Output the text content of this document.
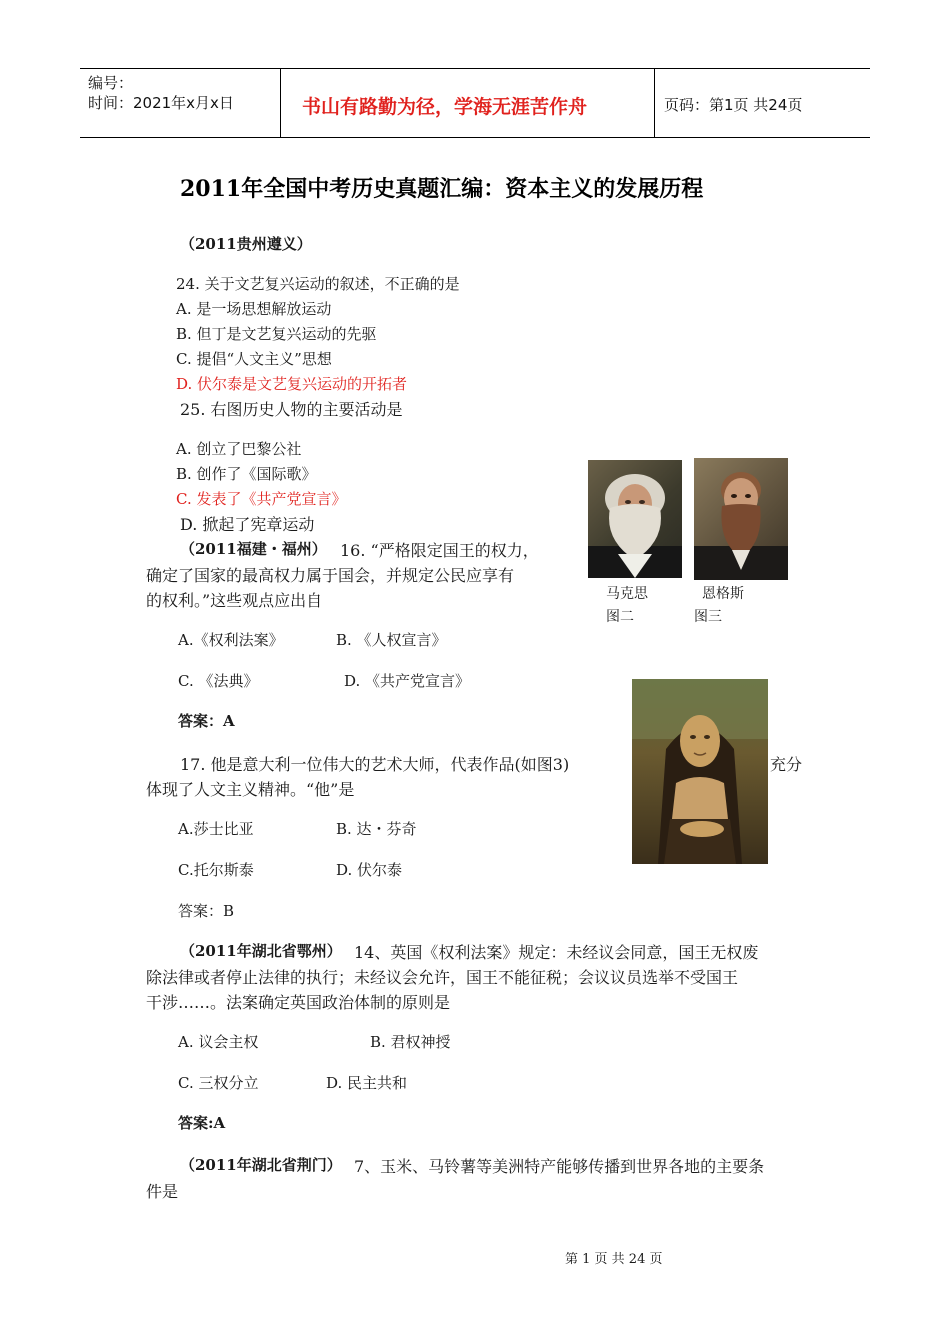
编号：
时间：2021年x月x日	书山有路勤为径，学海无涯苦作舟	页码：第1页 共24页
2011年全国中考历史真题汇编：资本主义的发展历程
（2011贵州遵义）
24. 关于文艺复兴运动的叙述，不正确的是
A. 是一场思想解放运动
B. 但丁是文艺复兴运动的先驱
C. 提倡“人文主义”思想
D. 伏尔泰是文艺复兴运动的开拓者
25. 右图历史人物的主要活动是
A. 创立了巴黎公社
B. 创作了《国际歌》
C. 发表了《共产党宣言》
D. 掀起了宪章运动
马克思
图二
恩格斯
图三
（2011福建・福州） 16. “严格限定国王的权力，
确定了国家的最高权力属于国会，并规定公民应享有
的权利。”这些观点应出自
A.《权利法案》	B. 《人权宣言》
C. 《法典》	D. 《共产党宣言》
答案：A
17. 他是意大利一位伟大的艺术大师，代表作品(如图3)	充分
体现了人文主义精神。“他”是
A.莎士比亚	B. 达・芬奇
C.托尔斯泰	D. 伏尔泰
答案：B
（2011年湖北省鄂州） 14、英国《权利法案》规定：未经议会同意，国王无权废
除法律或者停止法律的执行；未经议会允许，国王不能征税；会议议员选举不受国王
干涉……。法案确定英国政治体制的原则是
A. 议会主权	B. 君权神授
C. 三权分立	D. 民主共和
答案:A
（2011年湖北省荆门） 7、玉米、马铃薯等美洲特产能够传播到世界各地的主要条
件是
第 1 页 共 24 页
